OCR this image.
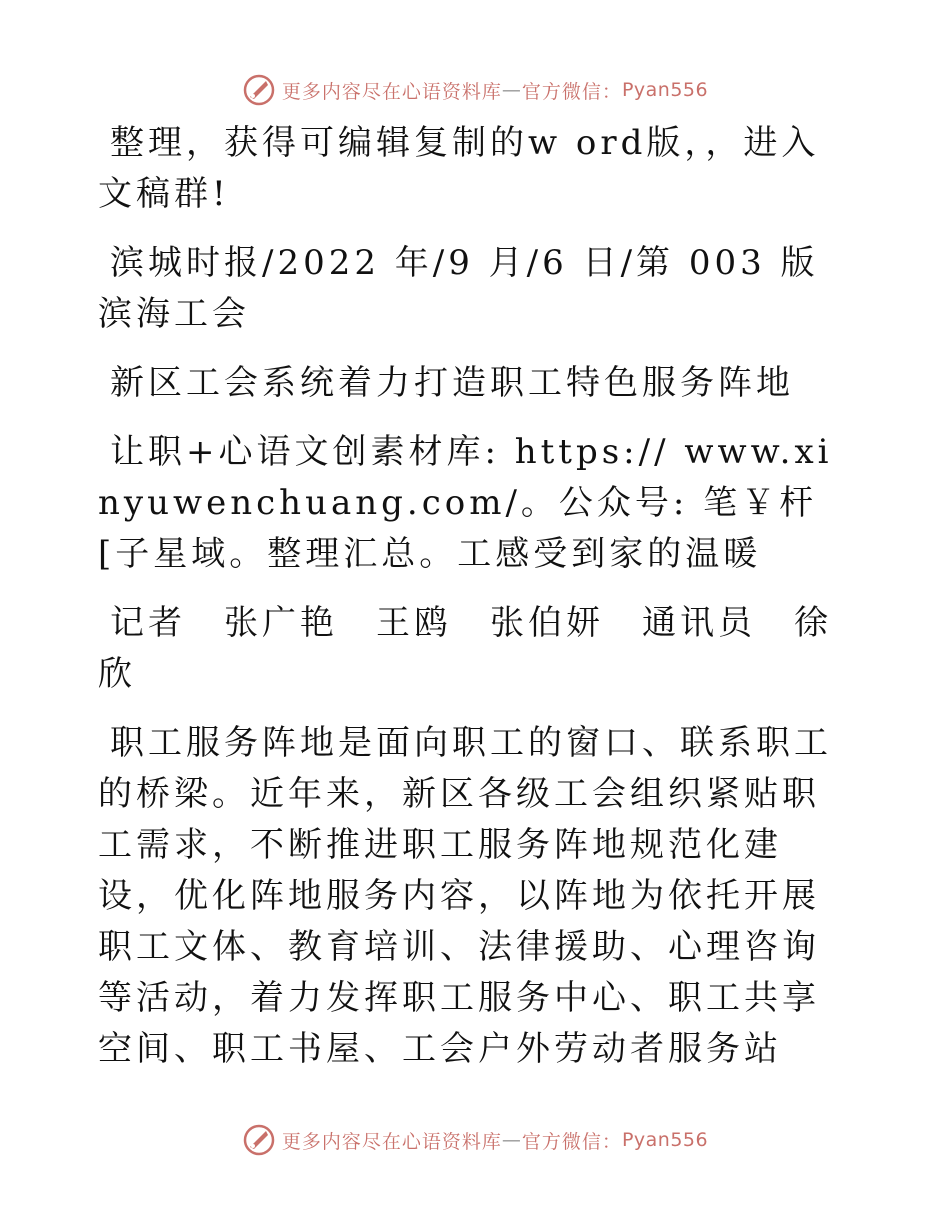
更多内容尽在心语资料库 — 官方微信： Pyan556

整理，获得可编辑复制的w ord版，，进入文稿群!

滨城时报/2022 年/9 月/6 日/第 003 版滨海工会

新区工会系统着力打造职工特色服务阵地

让职+心语文创素材库: https:// www.xinyuwenchuang.com/。公众号: 笔￥杆[子星域。整理汇总。工感受到家的温暖

记者　张广艳　王鸥　张伯妍　通讯员　徐欣

职工服务阵地是面向职工的窗口、联系职工的桥梁。近年来，新区各级工会组织紧贴职工需求，不断推进职工服务阵地规范化建设，优化阵地服务内容，以阵地为依托开展职工文体、教育培训、法律援助、心理咨询等活动，着力发挥职工服务中心、职工共享空间、职工书屋、工会户外劳动者服务站

更多内容尽在心语资料库 — 官方微信： Pyan556
